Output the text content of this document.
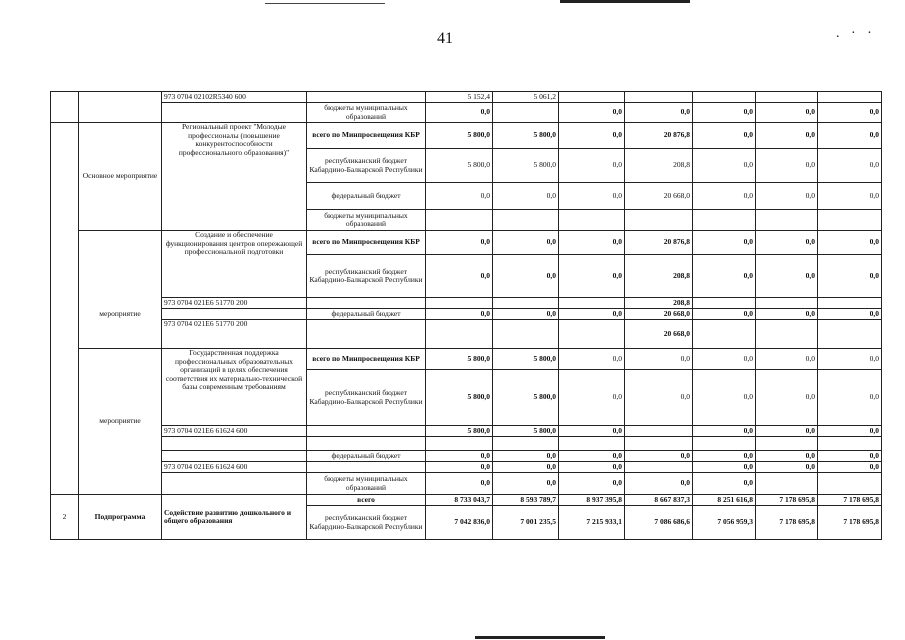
41	. · ·
		973 0704 02102R5340 600		5 152,4	5 061,2					
			бюджеты муниципальных образований	0,0		0,0	0,0	0,0	0,0	0,0
	Основное мероприятие	Региональный проект "Молодые профессионалы (повышение конкурентоспособности профессионального образования)"	всего по Минпросвещения КБР	5 800,0	5 800,0	0,0	20 876,8	0,0	0,0	0,0
			республиканский бюджет Кабардино-Балкарской Республики	5 800,0	5 800,0	0,0	208,8	0,0	0,0	0,0
			федеральный бюджет	0,0	0,0	0,0	20 668,0	0,0	0,0	0,0
			бюджеты муниципальных образований							
	мероприятие	Создание и обеспечение функционирования центров опережающей профессиональной подготовки	всего по Минпросвещения КБР	0,0	0,0	0,0	20 876,8	0,0	0,0	0,0
			республиканский бюджет Кабардино-Балкарской Республики	0,0	0,0	0,0	208,8	0,0	0,0	0,0
		973 0704 021E6 51770 200					208,8			
			федеральный бюджет	0,0	0,0	0,0	20 668,0	0,0	0,0	0,0
		973 0704 021E6 51770 200					20 668,0			
	мероприятие	Государственная поддержка профессиональных образовательных организаций в целях обеспечения соответствия их материально-технической базы современным требованиям	всего по Минпросвещения КБР	5 800,0	5 800,0	0,0	0,0	0,0	0,0	0,0
			республиканский бюджет Кабардино-Балкарской Республики	5 800,0	5 800,0	0,0	0,0	0,0	0,0	0,0
		973 0704 021E6 61624 600		5 800,0	5 800,0	0,0		0,0	0,0	0,0

			федеральный бюджет	0,0	0,0	0,0	0,0	0,0	0,0	0,0
		973 0704 021E6 61624 600		0,0	0,0	0,0		0,0	0,0	0,0
			бюджеты муниципальных образований	0,0	0,0	0,0	0,0	0,0		
2	Подпрограмма	Содействие развитию дошкольного и общего образования	всего	8 733 043,7	8 593 789,7	8 937 395,8	8 667 837,3	8 251 616,8	7 178 695,8	7 178 695,8
			республиканский бюджет Кабардино-Балкарской Республики	7 042 836,0	7 001 235,5	7 215 933,1	7 086 686,6	7 056 959,3	7 178 695,8	7 178 695,8
